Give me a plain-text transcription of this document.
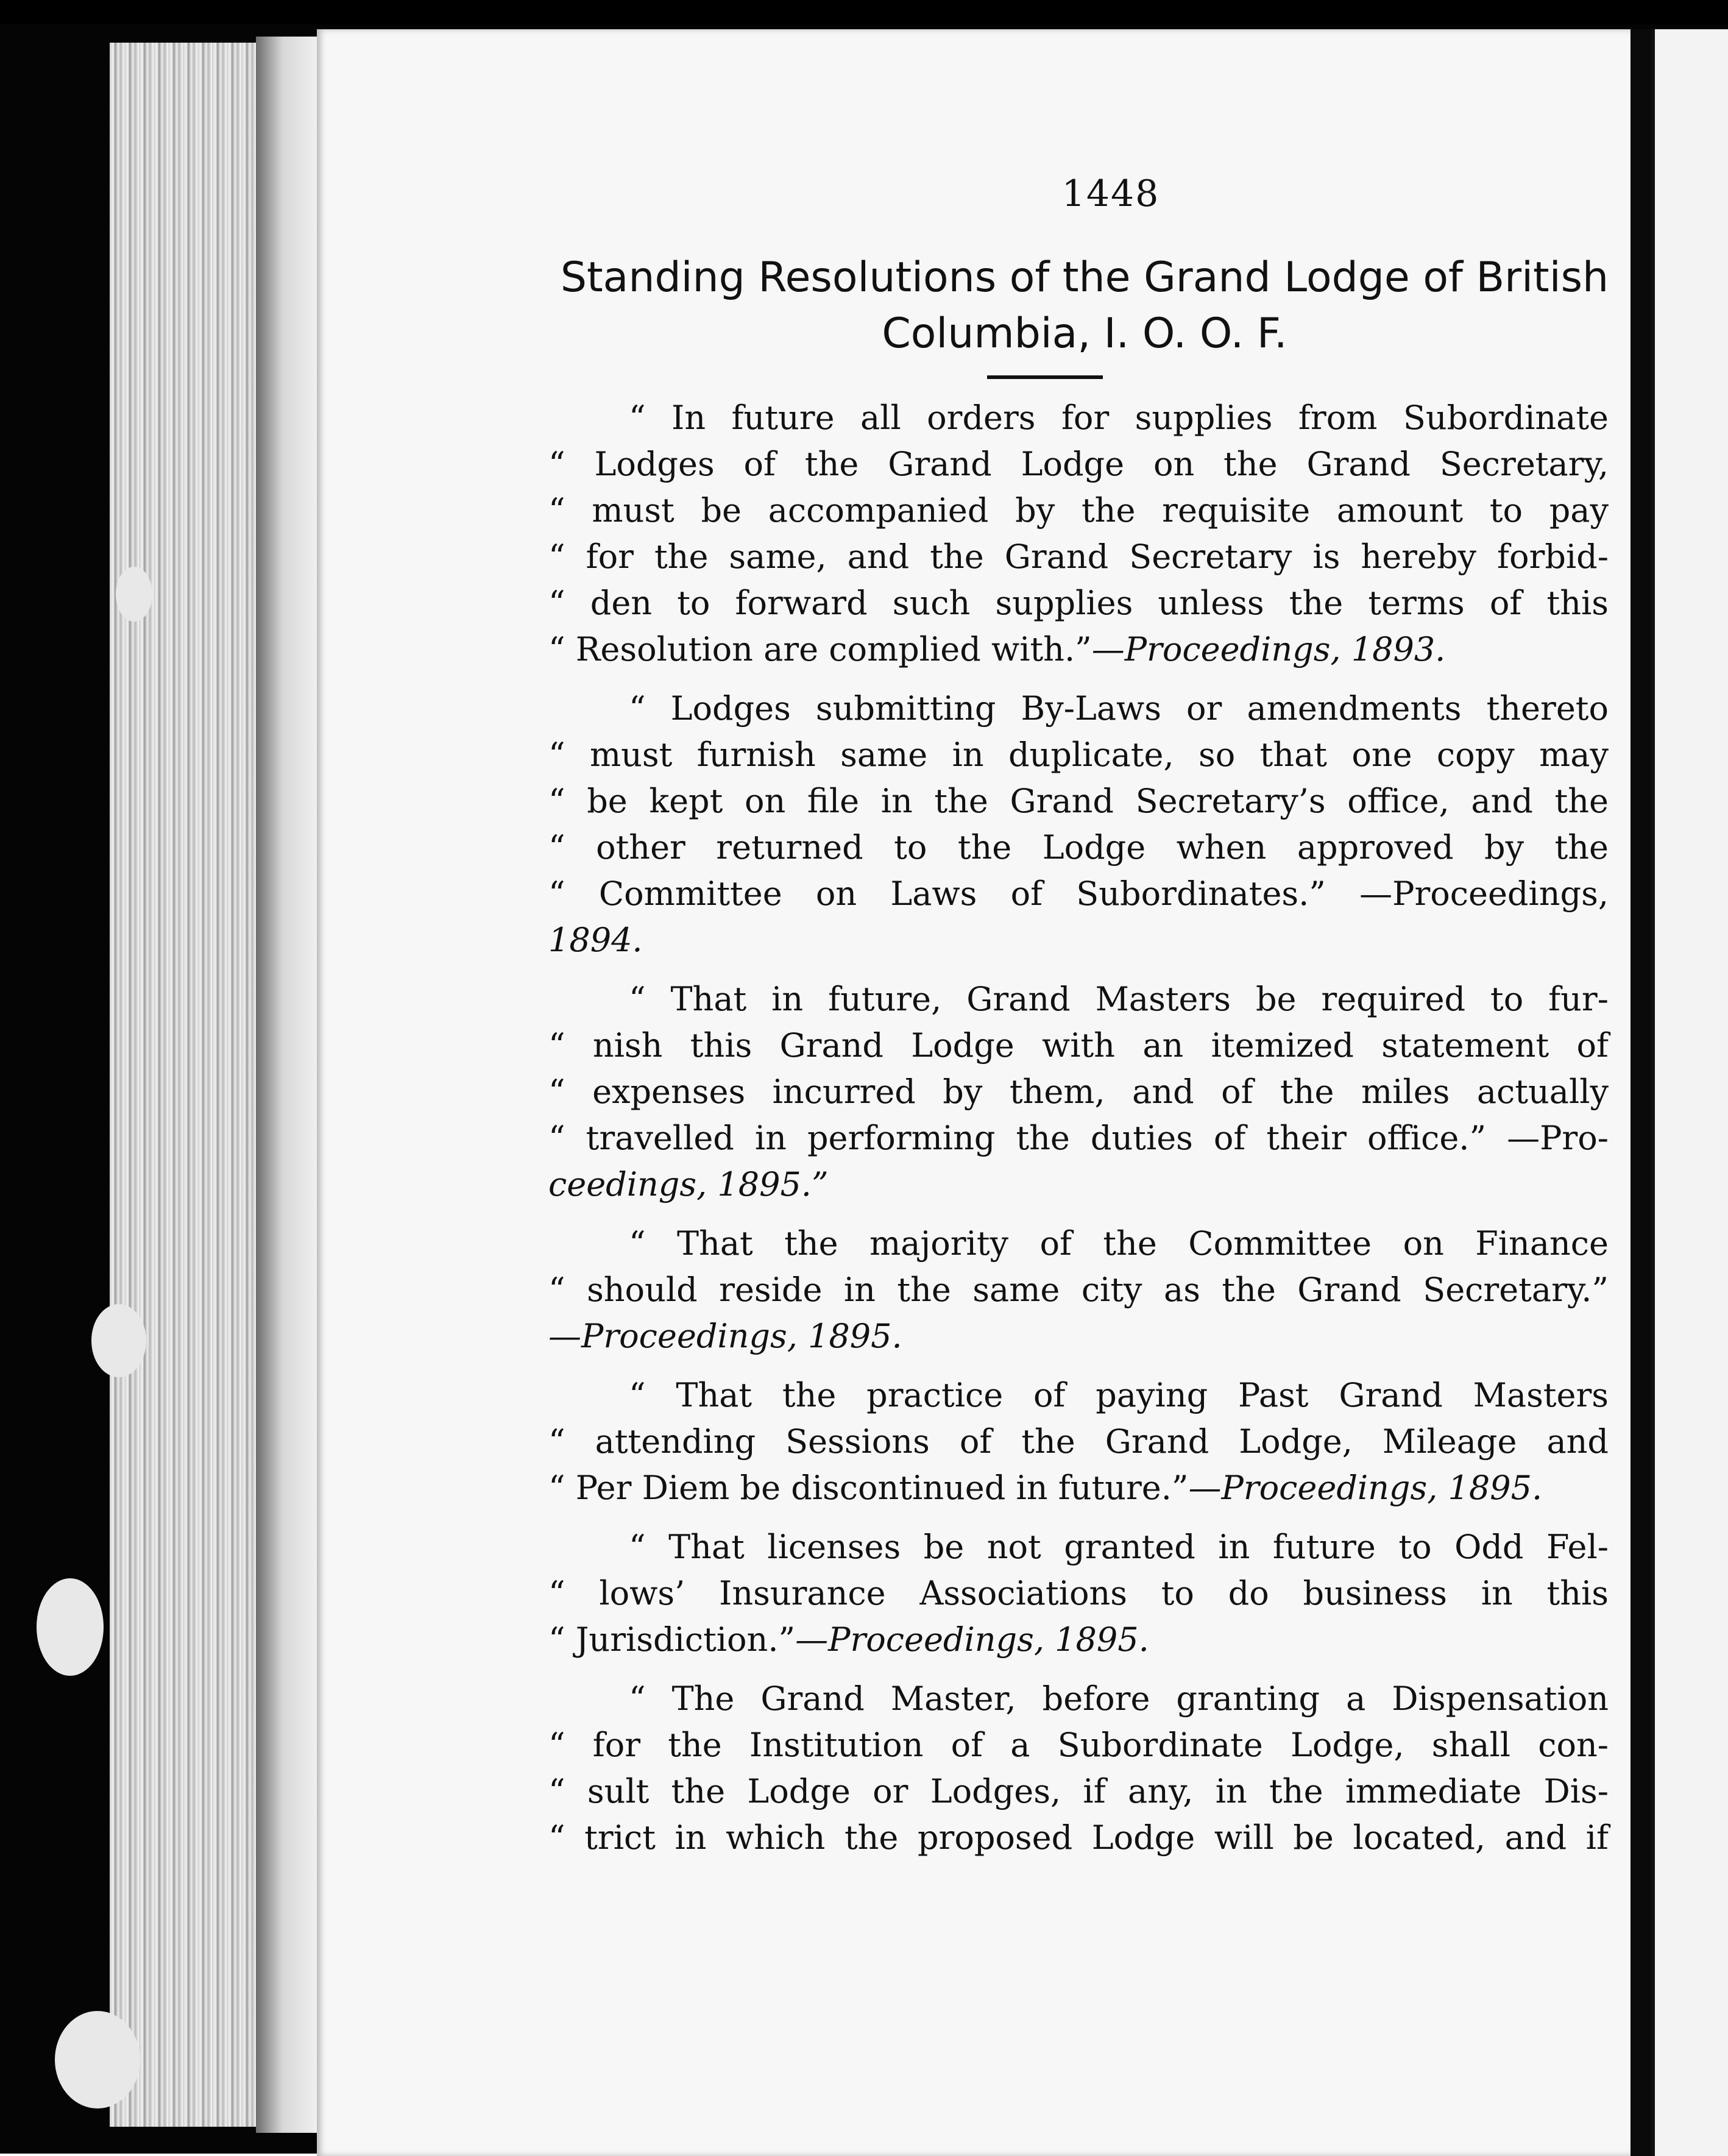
1448
Standing Resolutions of the Grand Lodge of British
Columbia, I. O. O. F.
“ In future all orders for supplies from Subordinate
“ Lodges of the Grand Lodge on the Grand Secretary,
“ must be accompanied by the requisite amount to pay
“ for the same, and the Grand Secretary is hereby forbid-
“ den to forward such supplies unless the terms of this
“ Resolution are complied with.”—Proceedings, 1893.
“ Lodges submitting By-Laws or amendments thereto
“ must furnish same in duplicate, so that one copy may
“ be kept on file in the Grand Secretary’s office, and the
“ other returned to the Lodge when approved by the
“ Committee on Laws of Subordinates.” —Proceedings,
1894.
“ That in future, Grand Masters be required to fur-
“ nish this Grand Lodge with an itemized statement of
“ expenses incurred by them, and of the miles actually
“ travelled in performing the duties of their office.” —Pro-
ceedings, 1895.”
“ That the majority of the Committee on Finance
“ should reside in the same city as the Grand Secretary.”
—Proceedings, 1895.
“ That the practice of paying Past Grand Masters
“ attending Sessions of the Grand Lodge, Mileage and
“ Per Diem be discontinued in future.”—Proceedings, 1895.
“ That licenses be not granted in future to Odd Fel-
“ lows’ Insurance Associations to do business in this
“ Jurisdiction.”—Proceedings, 1895.
“ The Grand Master, before granting a Dispensation
“ for the Institution of a Subordinate Lodge, shall con-
“ sult the Lodge or Lodges, if any, in the immediate Dis-
“ trict in which the proposed Lodge will be located, and if
